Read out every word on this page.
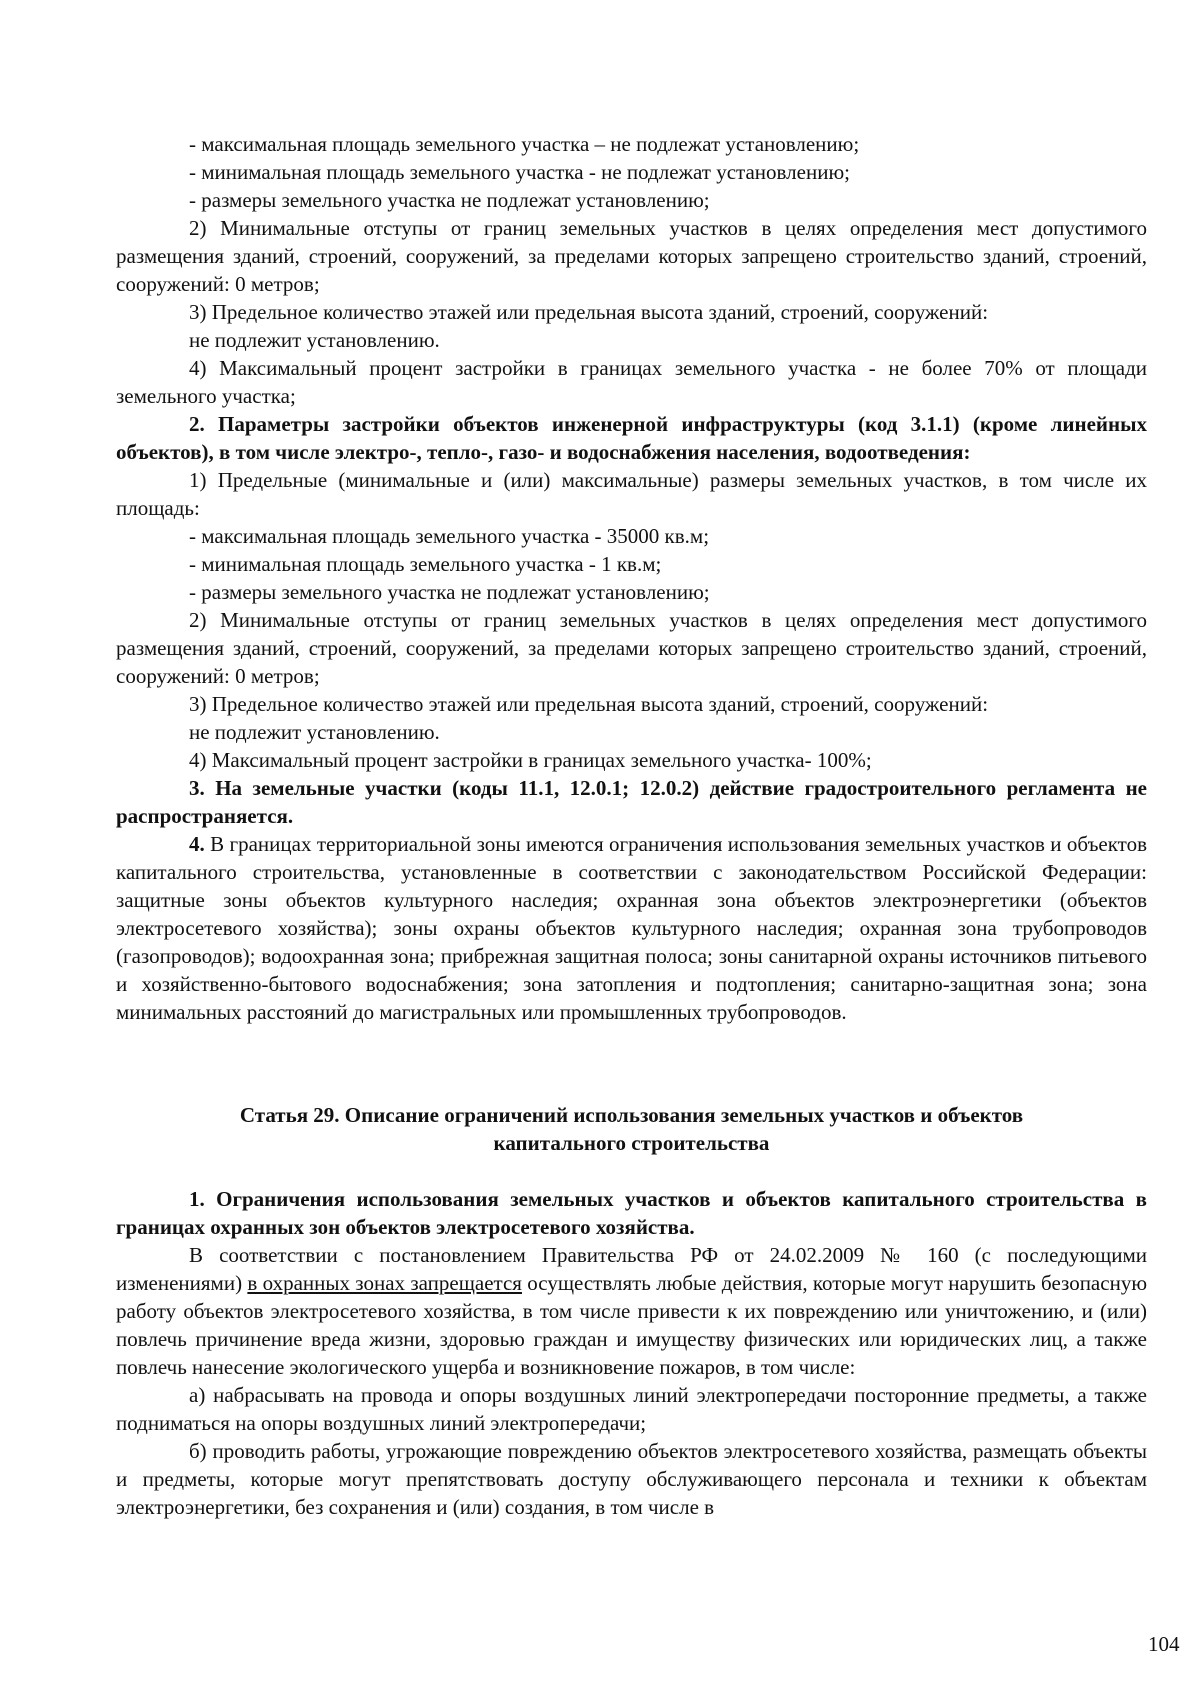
- максимальная площадь земельного участка – не подлежат установлению;

- минимальная площадь земельного участка - не подлежат установлению;

- размеры земельного участка не подлежат установлению;

2) Минимальные отступы от границ земельных участков в целях определения мест допустимого размещения зданий, строений, сооружений, за пределами которых запрещено строительство зданий, строений, сооружений: 0 метров;

3) Предельное количество этажей или предельная высота зданий, строений, сооружений:

не подлежит установлению.

4) Максимальный процент застройки в границах земельного участка - не более 70% от площади земельного участка;

2. Параметры застройки объектов инженерной инфраструктуры (код 3.1.1) (кроме линейных объектов), в том числе электро-, тепло-, газо- и водоснабжения населения, водоотведения:

1) Предельные (минимальные и (или) максимальные) размеры земельных участков, в том числе их площадь:

- максимальная площадь земельного участка - 35000 кв.м;

- минимальная площадь земельного участка - 1 кв.м;

- размеры земельного участка не подлежат установлению;

2) Минимальные отступы от границ земельных участков в целях определения мест допустимого размещения зданий, строений, сооружений, за пределами которых запрещено строительство зданий, строений, сооружений: 0 метров;

3) Предельное количество этажей или предельная высота зданий, строений, сооружений:

не подлежит установлению.

4) Максимальный процент застройки в границах земельного участка- 100%;

3. На земельные участки (коды 11.1, 12.0.1; 12.0.2) действие градостроительного регламента не распространяется.

4. В границах территориальной зоны имеются ограничения использования земельных участков и объектов капитального строительства, установленные в соответствии с законодательством Российской Федерации: защитные зоны объектов культурного наследия; охранная зона объектов электроэнергетики (объектов электросетевого хозяйства); зоны охраны объектов культурного наследия; охранная зона трубопроводов (газопроводов); водоохранная зона; прибрежная защитная полоса; зоны санитарной охраны источников питьевого и хозяйственно-бытового водоснабжения; зона затопления и подтопления; санитарно-защитная зона; зона минимальных расстояний до магистральных или промышленных трубопроводов.

Статья 29. Описание ограничений использования земельных участков и объектов
капитального строительства

1. Ограничения использования земельных участков и объектов капитального строительства в границах охранных зон объектов электросетевого хозяйства.

В соответствии с постановлением Правительства РФ от 24.02.2009 № 160 (с последующими изменениями) в охранных зонах запрещается осуществлять любые действия, которые могут нарушить безопасную работу объектов электросетевого хозяйства, в том числе привести к их повреждению или уничтожению, и (или) повлечь причинение вреда жизни, здоровью граждан и имуществу физических или юридических лиц, а также повлечь нанесение экологического ущерба и возникновение пожаров, в том числе:

а) набрасывать на провода и опоры воздушных линий электропередачи посторонние предметы, а также подниматься на опоры воздушных линий электропередачи;

б) проводить работы, угрожающие повреждению объектов электросетевого хозяйства, размещать объекты и предметы, которые могут препятствовать доступу обслуживающего персонала и техники к объектам электроэнергетики, без сохранения и (или) создания, в том числе в

104
